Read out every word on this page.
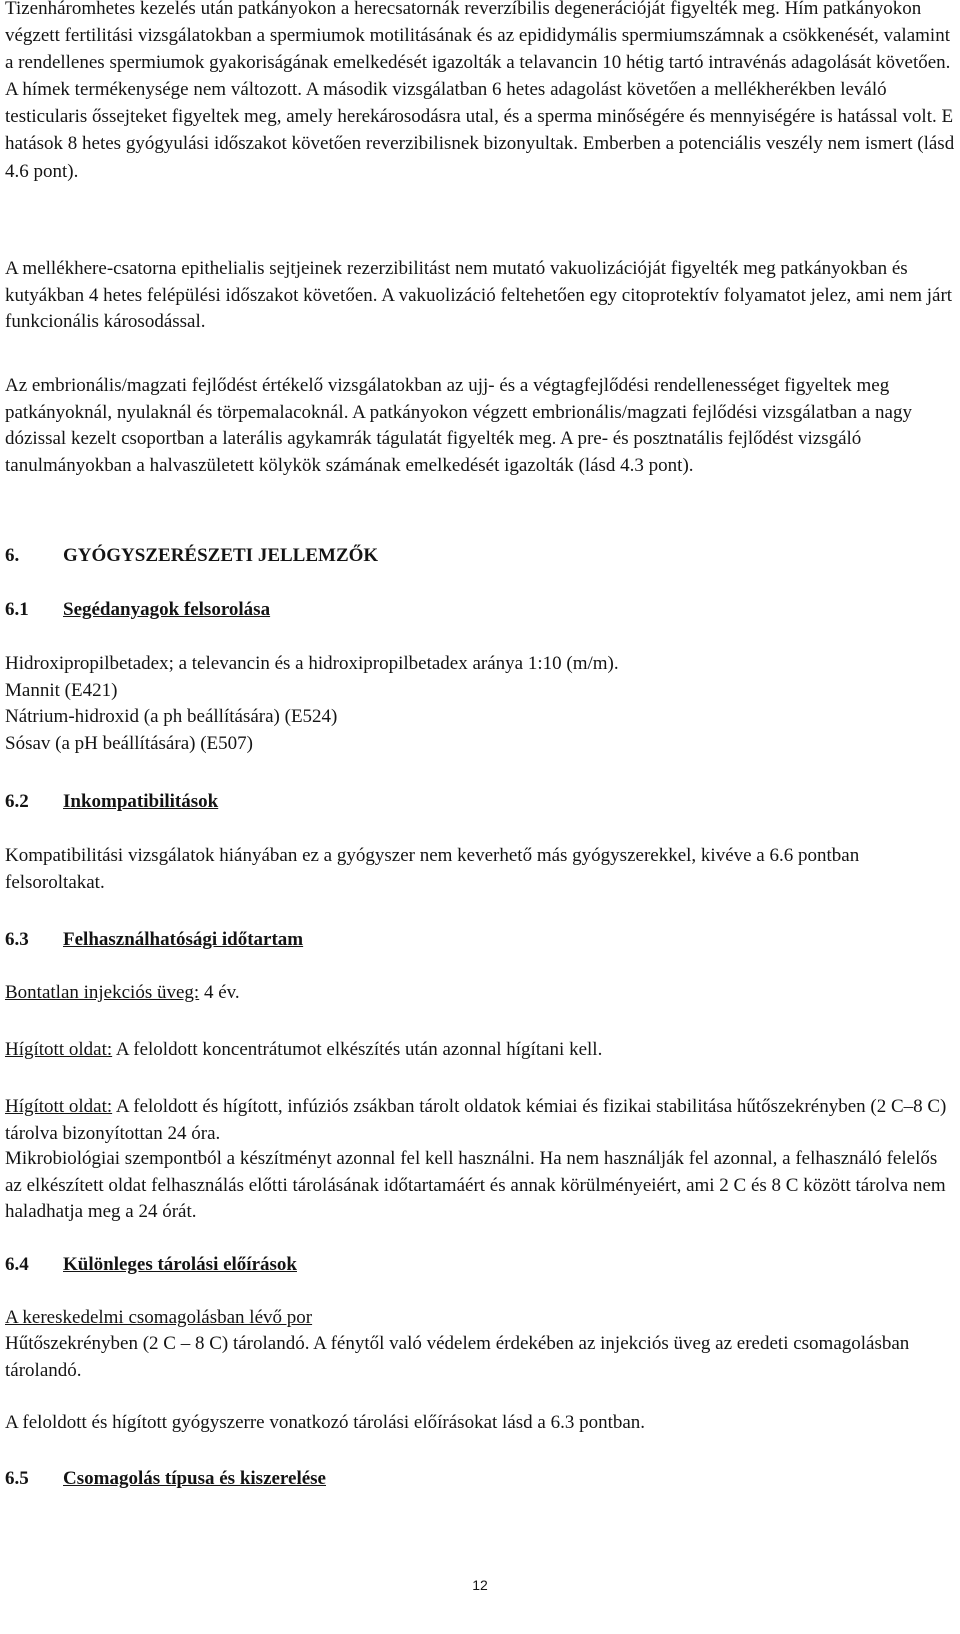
Tizenháromhetes kezelés után patkányokon a herecsatornák reverzíbilis degenerációját figyelték meg. Hím patkányokon végzett fertilitási vizsgálatokban a spermiumok motilitásának és az epididymális spermiumszámnak a csökkenését, valamint a rendellenes spermiumok gyakoriságának emelkedését igazolták a telavancin 10 hétig tartó intravénás adagolását követően. A hímek termékenysége nem változott. A második vizsgálatban 6 hetes adagolást követően a mellékherékben leváló testicularis őssejteket figyeltek meg, amely herekárosodásra utal, és a sperma minőségére és mennyiségére is hatással volt. E hatások 8 hetes gyógyulási időszakot követően reverzibilisnek bizonyultak. Emberben a potenciális veszély nem ismert (lásd 4.6 pont).

A mellékhere-csatorna epithelialis sejtjeinek rezerzibilitást nem mutató vakuolizációját figyelték meg patkányokban és kutyákban 4 hetes felépülési időszakot követően. A vakuolizáció feltehetően egy citoprotektív folyamatot jelez, ami nem járt funkcionális károsodással.

Az embrionális/magzati fejlődést értékelő vizsgálatokban az ujj- és a végtagfejlődési rendellenességet figyeltek meg patkányoknál, nyulaknál és törpemalacoknál. A patkányokon végzett embrionális/magzati fejlődési vizsgálatban a nagy dózissal kezelt csoportban a laterális agykamrák tágulatát figyelték meg. A pre- és posztnatális fejlődést vizsgáló tanulmányokban a halvaszületett kölykök számának emelkedését igazolták (lásd 4.3 pont).

6. GYÓGYSZERÉSZETI JELLEMZŐK
6.1 Segédanyagok felsorolása
Hidroxipropilbetadex; a televancin és a hidroxipropilbetadex aránya 1:10 (m/m).
Mannit (E421)
Nátrium-hidroxid (a ph beállítására) (E524)
Sósav (a pH beállítására) (E507)
6.2 Inkompatibilitások

Kompatibilitási vizsgálatok hiányában ez a gyógyszer nem keverhető más gyógyszerekkel, kivéve a 6.6 pontban felsoroltakat.

6.3 Felhasználhatósági időtartam

Bontatlan injekciós üveg: 4 év.

Hígított oldat: A feloldott koncentrátumot elkészítés után azonnal hígítani kell.

Hígított oldat: A feloldott és hígított, infúziós zsákban tárolt oldatok kémiai és fizikai stabilitása hűtőszekrényben (2 C–8 C) tárolva bizonyítottan 24 óra.

Mikrobiológiai szempontból a készítményt azonnal fel kell használni. Ha nem használják fel azonnal, a felhasználó felelős az elkészített oldat felhasználás előtti tárolásának időtartamáért és annak körülményeiért, ami 2 C és 8 C között tárolva nem haladhatja meg a 24 órát.

6.4 Különleges tárolási előírások

A kereskedelmi csomagolásban lévő por

Hűtőszekrényben (2 C – 8 C) tárolandó. A fénytől való védelem érdekében az injekciós üveg az eredeti csomagolásban tárolandó.

A feloldott és hígított gyógyszerre vonatkozó tárolási előírásokat lásd a 6.3 pontban.

6.5 Csomagolás típusa és kiszerelése
12
